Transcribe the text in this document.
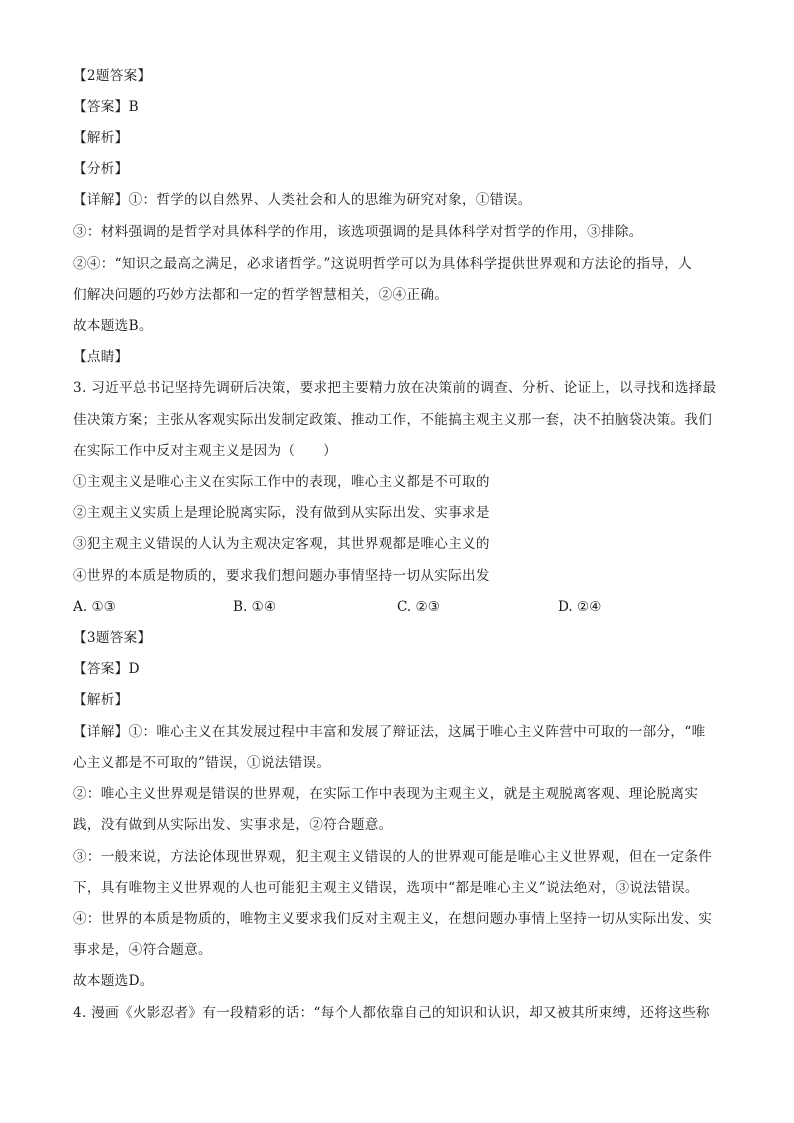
【2题答案】
【答案】B
【解析】
【分析】
【详解】①：哲学的以自然界、人类社会和人的思维为研究对象，①错误。
③：材料强调的是哲学对具体科学的作用，该选项强调的是具体科学对哲学的作用，③排除。
②④：“知识之最高之满足，必求诸哲学。”这说明哲学可以为具体科学提供世界观和方法论的指导，人
们解决问题的巧妙方法都和一定的哲学智慧相关，②④正确。
故本题选B。
【点睛】
3. 习近平总书记坚持先调研后决策，要求把主要精力放在决策前的调查、分析、论证上，以寻找和选择最
佳决策方案；主张从客观实际出发制定政策、推动工作，不能搞主观主义那一套，决不拍脑袋决策。我们
在实际工作中反对主观主义是因为（　　）
①主观主义是唯心主义在实际工作中的表现，唯心主义都是不可取的
②主观主义实质上是理论脱离实际，没有做到从实际出发、实事求是
③犯主观主义错误的人认为主观决定客观，其世界观都是唯心主义的
④世界的本质是物质的，要求我们想问题办事情坚持一切从实际出发
A. ①③	B. ①④	C. ②③	D. ②④
【3题答案】
【答案】D
【解析】
【详解】①：唯心主义在其发展过程中丰富和发展了辩证法，这属于唯心主义阵营中可取的一部分，“唯
心主义都是不可取的”错误，①说法错误。
②：唯心主义世界观是错误的世界观，在实际工作中表现为主观主义，就是主观脱离客观、理论脱离实
践，没有做到从实际出发、实事求是，②符合题意。
③：一般来说，方法论体现世界观，犯主观主义错误的人的世界观可能是唯心主义世界观，但在一定条件
下，具有唯物主义世界观的人也可能犯主观主义错误，选项中“都是唯心主义”说法绝对，③说法错误。
④：世界的本质是物质的，唯物主义要求我们反对主观主义，在想问题办事情上坚持一切从实际出发、实
事求是，④符合题意。
故本题选D。
4. 漫画《火影忍者》有一段精彩的话：“每个人都依靠自己的知识和认识，却又被其所束缚，还将这些称
